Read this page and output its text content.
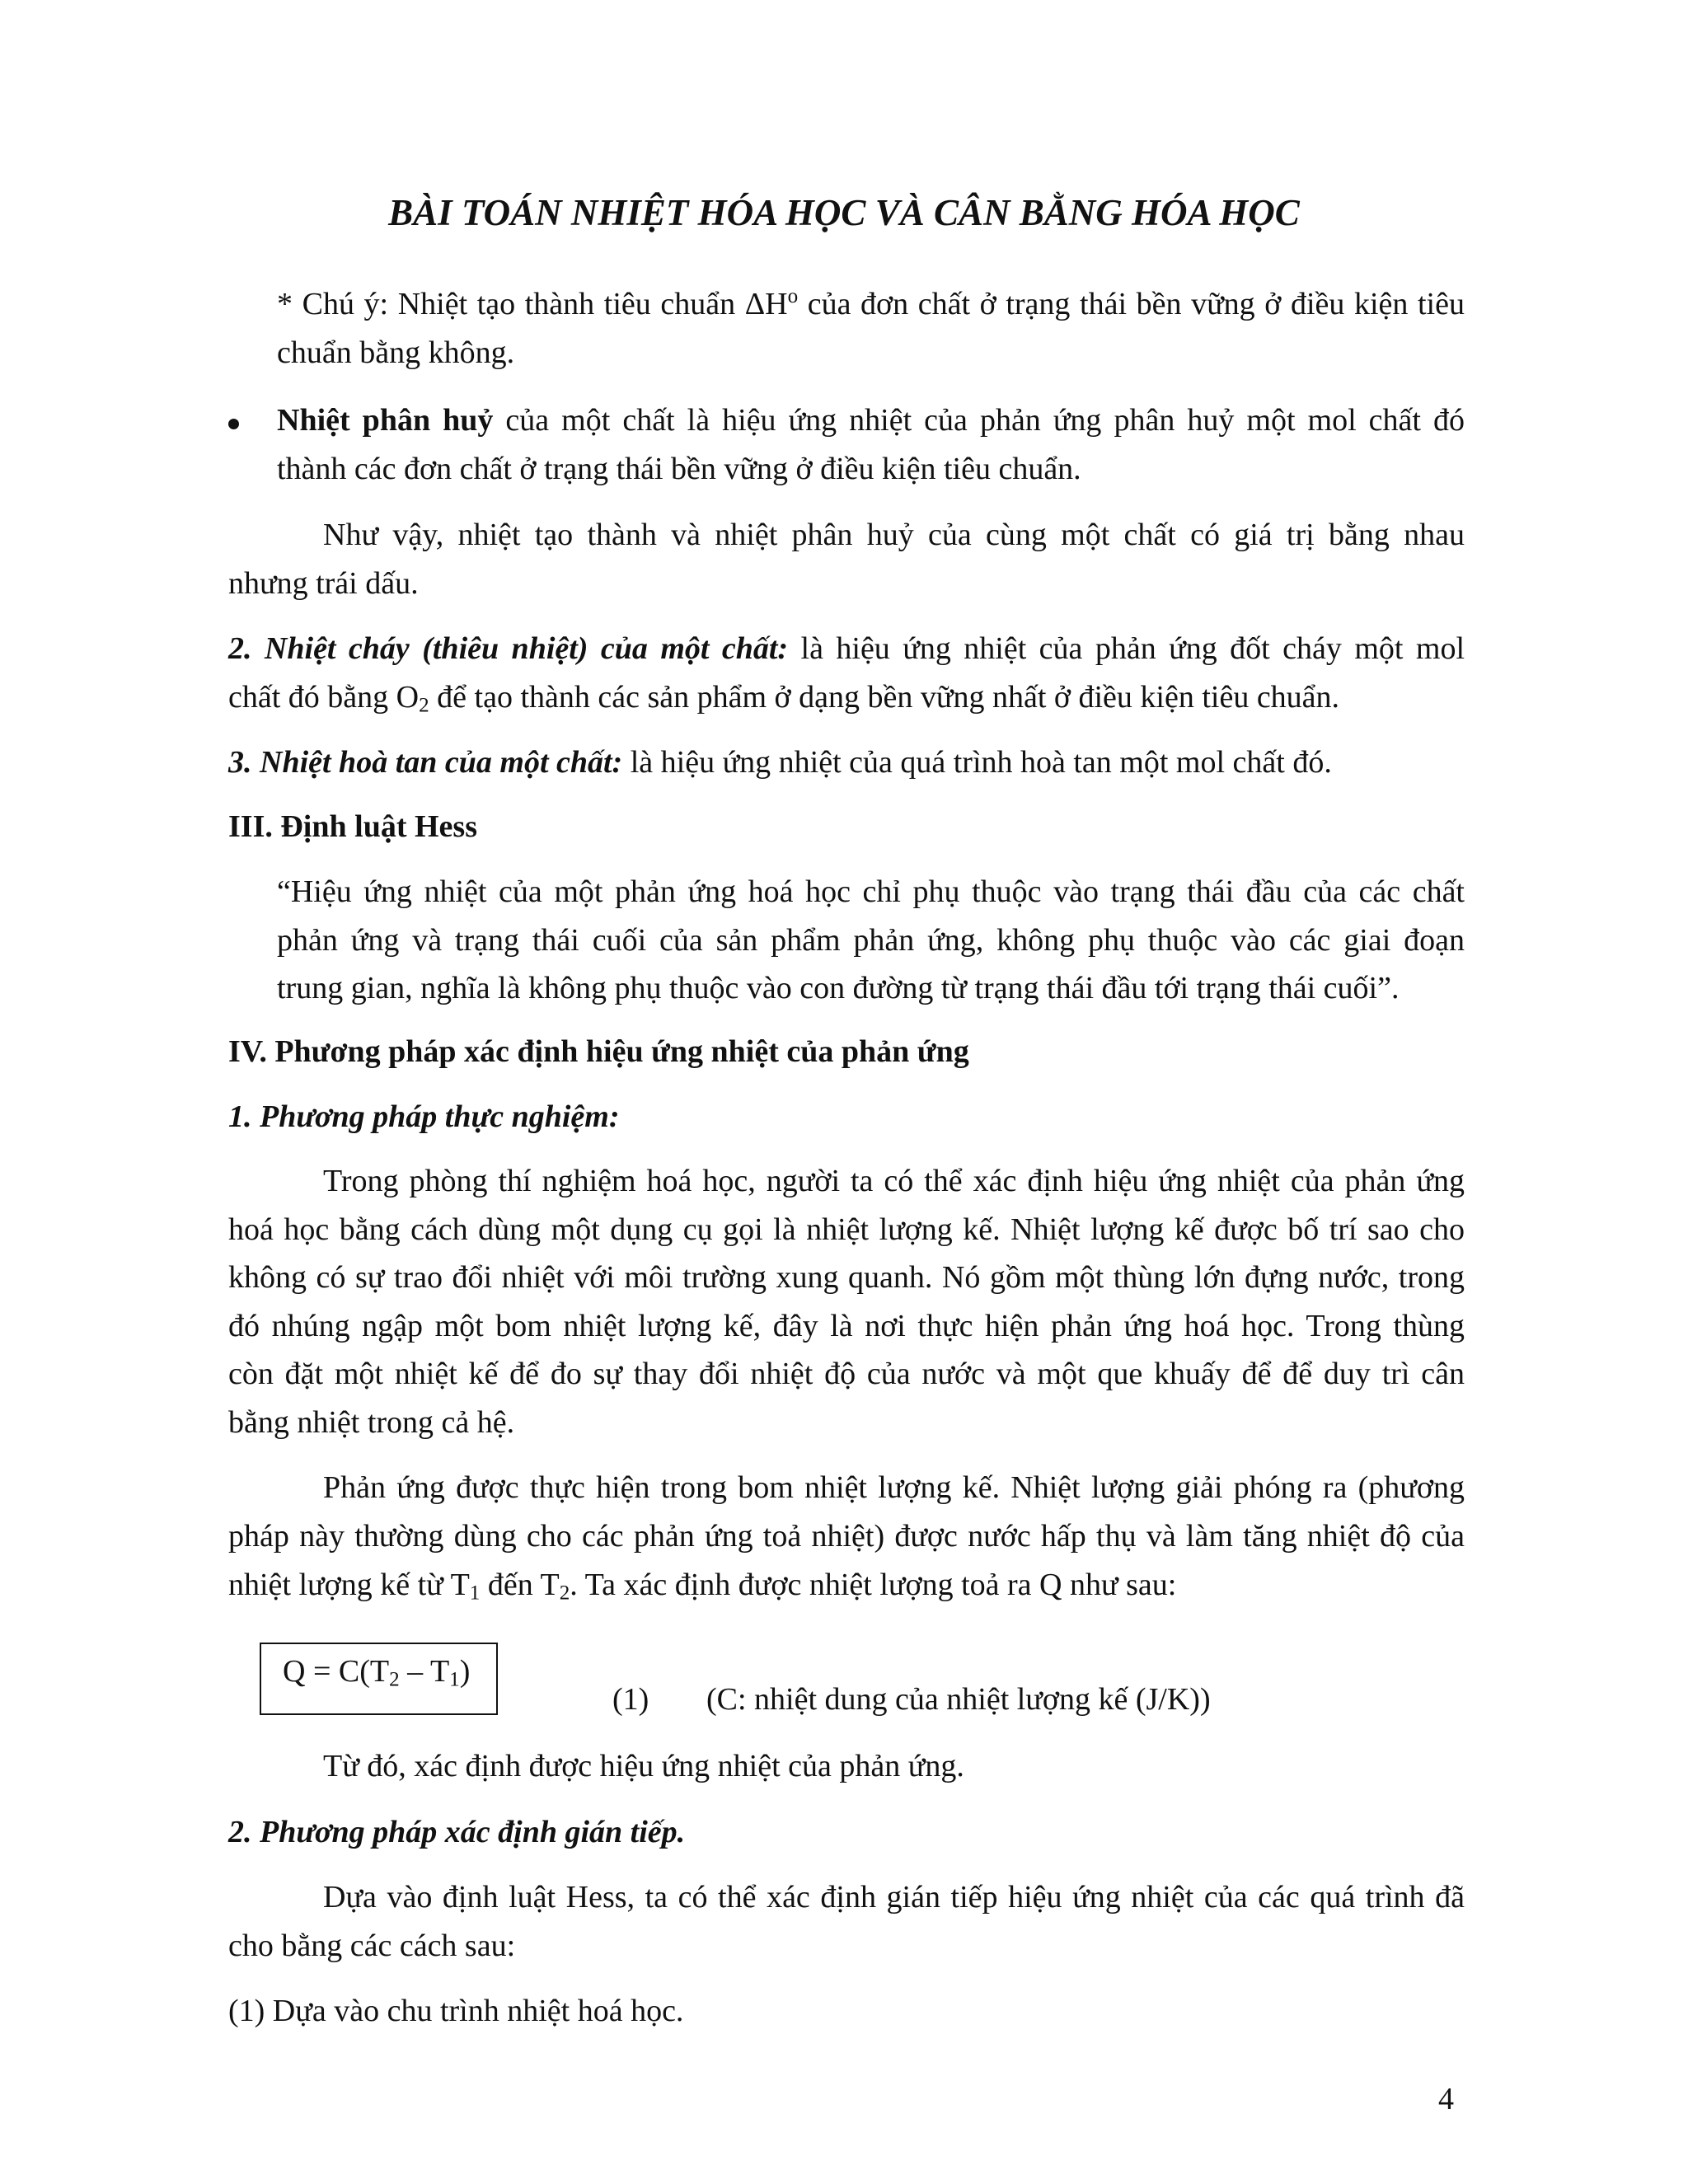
BÀI TOÁN NHIỆT HÓA HỌC VÀ CÂN BẰNG HÓA HỌC
* Chú ý: Nhiệt tạo thành tiêu chuẩn $\Delta H^o$ của đơn chất ở trạng thái bền vững ở điều kiện tiêu
chuẩn bằng không.
Nhiệt phân huỷ của một chất là hiệu ứng nhiệt của phản ứng phân huỷ một mol chất đó
thành các đơn chất ở trạng thái bền vững ở điều kiện tiêu chuẩn.
Như vậy, nhiệt tạo thành và nhiệt phân huỷ của cùng một chất có giá trị bằng nhau
nhưng trái dấu.
2. Nhiệt cháy (thiêu nhiệt) của một chất: là hiệu ứng nhiệt của phản ứng đốt cháy một mol
chất đó bằng $O_2$ để tạo thành các sản phẩm ở dạng bền vững nhất ở điều kiện tiêu chuẩn.
3. Nhiệt hoà tan của một chất: là hiệu ứng nhiệt của quá trình hoà tan một mol chất đó.
III. Định luật Hess
“Hiệu ứng nhiệt của một phản ứng hoá học chỉ phụ thuộc vào trạng thái đầu của các chất
phản ứng và trạng thái cuối của sản phẩm phản ứng, không phụ thuộc vào các giai đoạn
trung gian, nghĩa là không phụ thuộc vào con đường từ trạng thái đầu tới trạng thái cuối”.
IV. Phương pháp xác định hiệu ứng nhiệt của phản ứng
1. Phương pháp thực nghiệm:
Trong phòng thí nghiệm hoá học, người ta có thể xác định hiệu ứng nhiệt của phản ứng
hoá học bằng cách dùng một dụng cụ gọi là nhiệt lượng kế. Nhiệt lượng kế được bố trí sao cho
không có sự trao đổi nhiệt với môi trường xung quanh. Nó gồm một thùng lớn đựng nước, trong
đó nhúng ngập một bom nhiệt lượng kế, đây là nơi thực hiện phản ứng hoá học. Trong thùng
còn đặt một nhiệt kế để đo sự thay đổi nhiệt độ của nước và một que khuấy để để duy trì cân
bằng nhiệt trong cả hệ.
Phản ứng được thực hiện trong bom nhiệt lượng kế. Nhiệt lượng giải phóng ra (phương
pháp này thường dùng cho các phản ứng toả nhiệt) được nước hấp thụ và làm tăng nhiệt độ của
nhiệt lượng kế từ $T_1$ đến $T_2$. Ta xác định được nhiệt lượng toả ra Q như sau:
$Q = C(T_2 - T_1)$
(1) (C: nhiệt dung của nhiệt lượng kế (J/K))
Từ đó, xác định được hiệu ứng nhiệt của phản ứng.
2. Phương pháp xác định gián tiếp.
Dựa vào định luật Hess, ta có thể xác định gián tiếp hiệu ứng nhiệt của các quá trình đã
cho bằng các cách sau:
(1) Dựa vào chu trình nhiệt hoá học.
4
